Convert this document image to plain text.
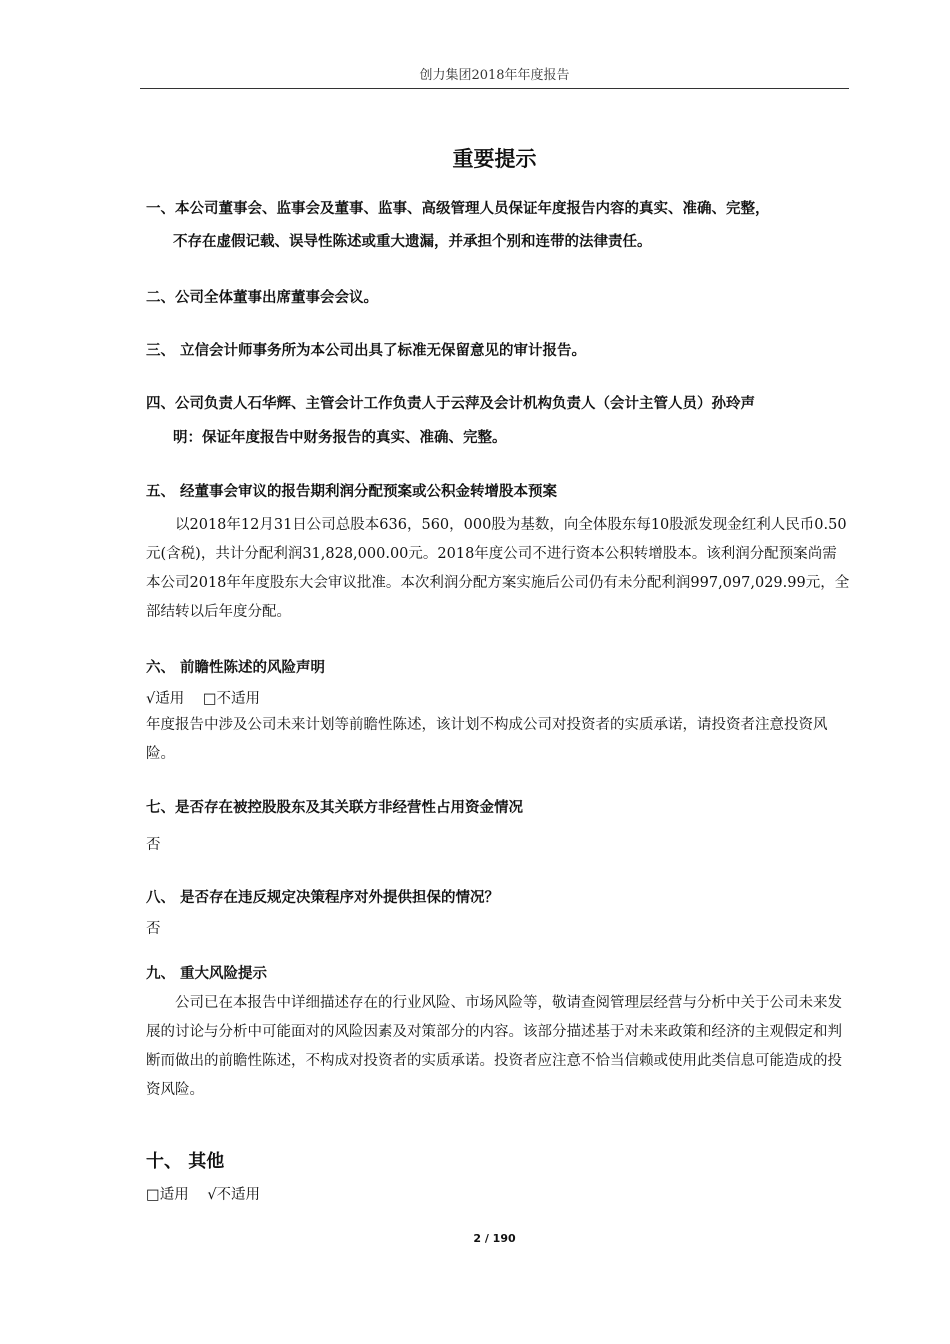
创力集团2018年年度报告
重要提示
一、本公司董事会、监事会及董事、监事、高级管理人员保证年度报告内容的真实、准确、完整，
不存在虚假记载、误导性陈述或重大遗漏，并承担个别和连带的法律责任。
二、公司全体董事出席董事会会议。
三、 立信会计师事务所为本公司出具了标准无保留意见的审计报告。
四、公司负责人石华辉、主管会计工作负责人于云萍及会计机构负责人（会计主管人员）孙玲声
明：保证年度报告中财务报告的真实、准确、完整。
五、 经董事会审议的报告期利润分配预案或公积金转增股本预案
以2018年12月31日公司总股本636，560，000股为基数，向全体股东每10股派发现金红利人民币0.50元(含税)，共计分配利润31,828,000.00元。2018年度公司不进行资本公积转增股本。该利润分配预案尚需本公司2018年年度股东大会审议批准。本次利润分配方案实施后公司仍有未分配利润997,097,029.99元，全部结转以后年度分配。
六、 前瞻性陈述的风险声明
√适用 □不适用
年度报告中涉及公司未来计划等前瞻性陈述，该计划不构成公司对投资者的实质承诺，请投资者注意投资风险。
七、是否存在被控股股东及其关联方非经营性占用资金情况
否
八、 是否存在违反规定决策程序对外提供担保的情况？
否
九、 重大风险提示
公司已在本报告中详细描述存在的行业风险、市场风险等，敬请查阅管理层经营与分析中关于公司未来发展的讨论与分析中可能面对的风险因素及对策部分的内容。该部分描述基于对未来政策和经济的主观假定和判断而做出的前瞻性陈述，不构成对投资者的实质承诺。投资者应注意不恰当信赖或使用此类信息可能造成的投资风险。
十、 其他
□适用 √不适用
2 / 190
